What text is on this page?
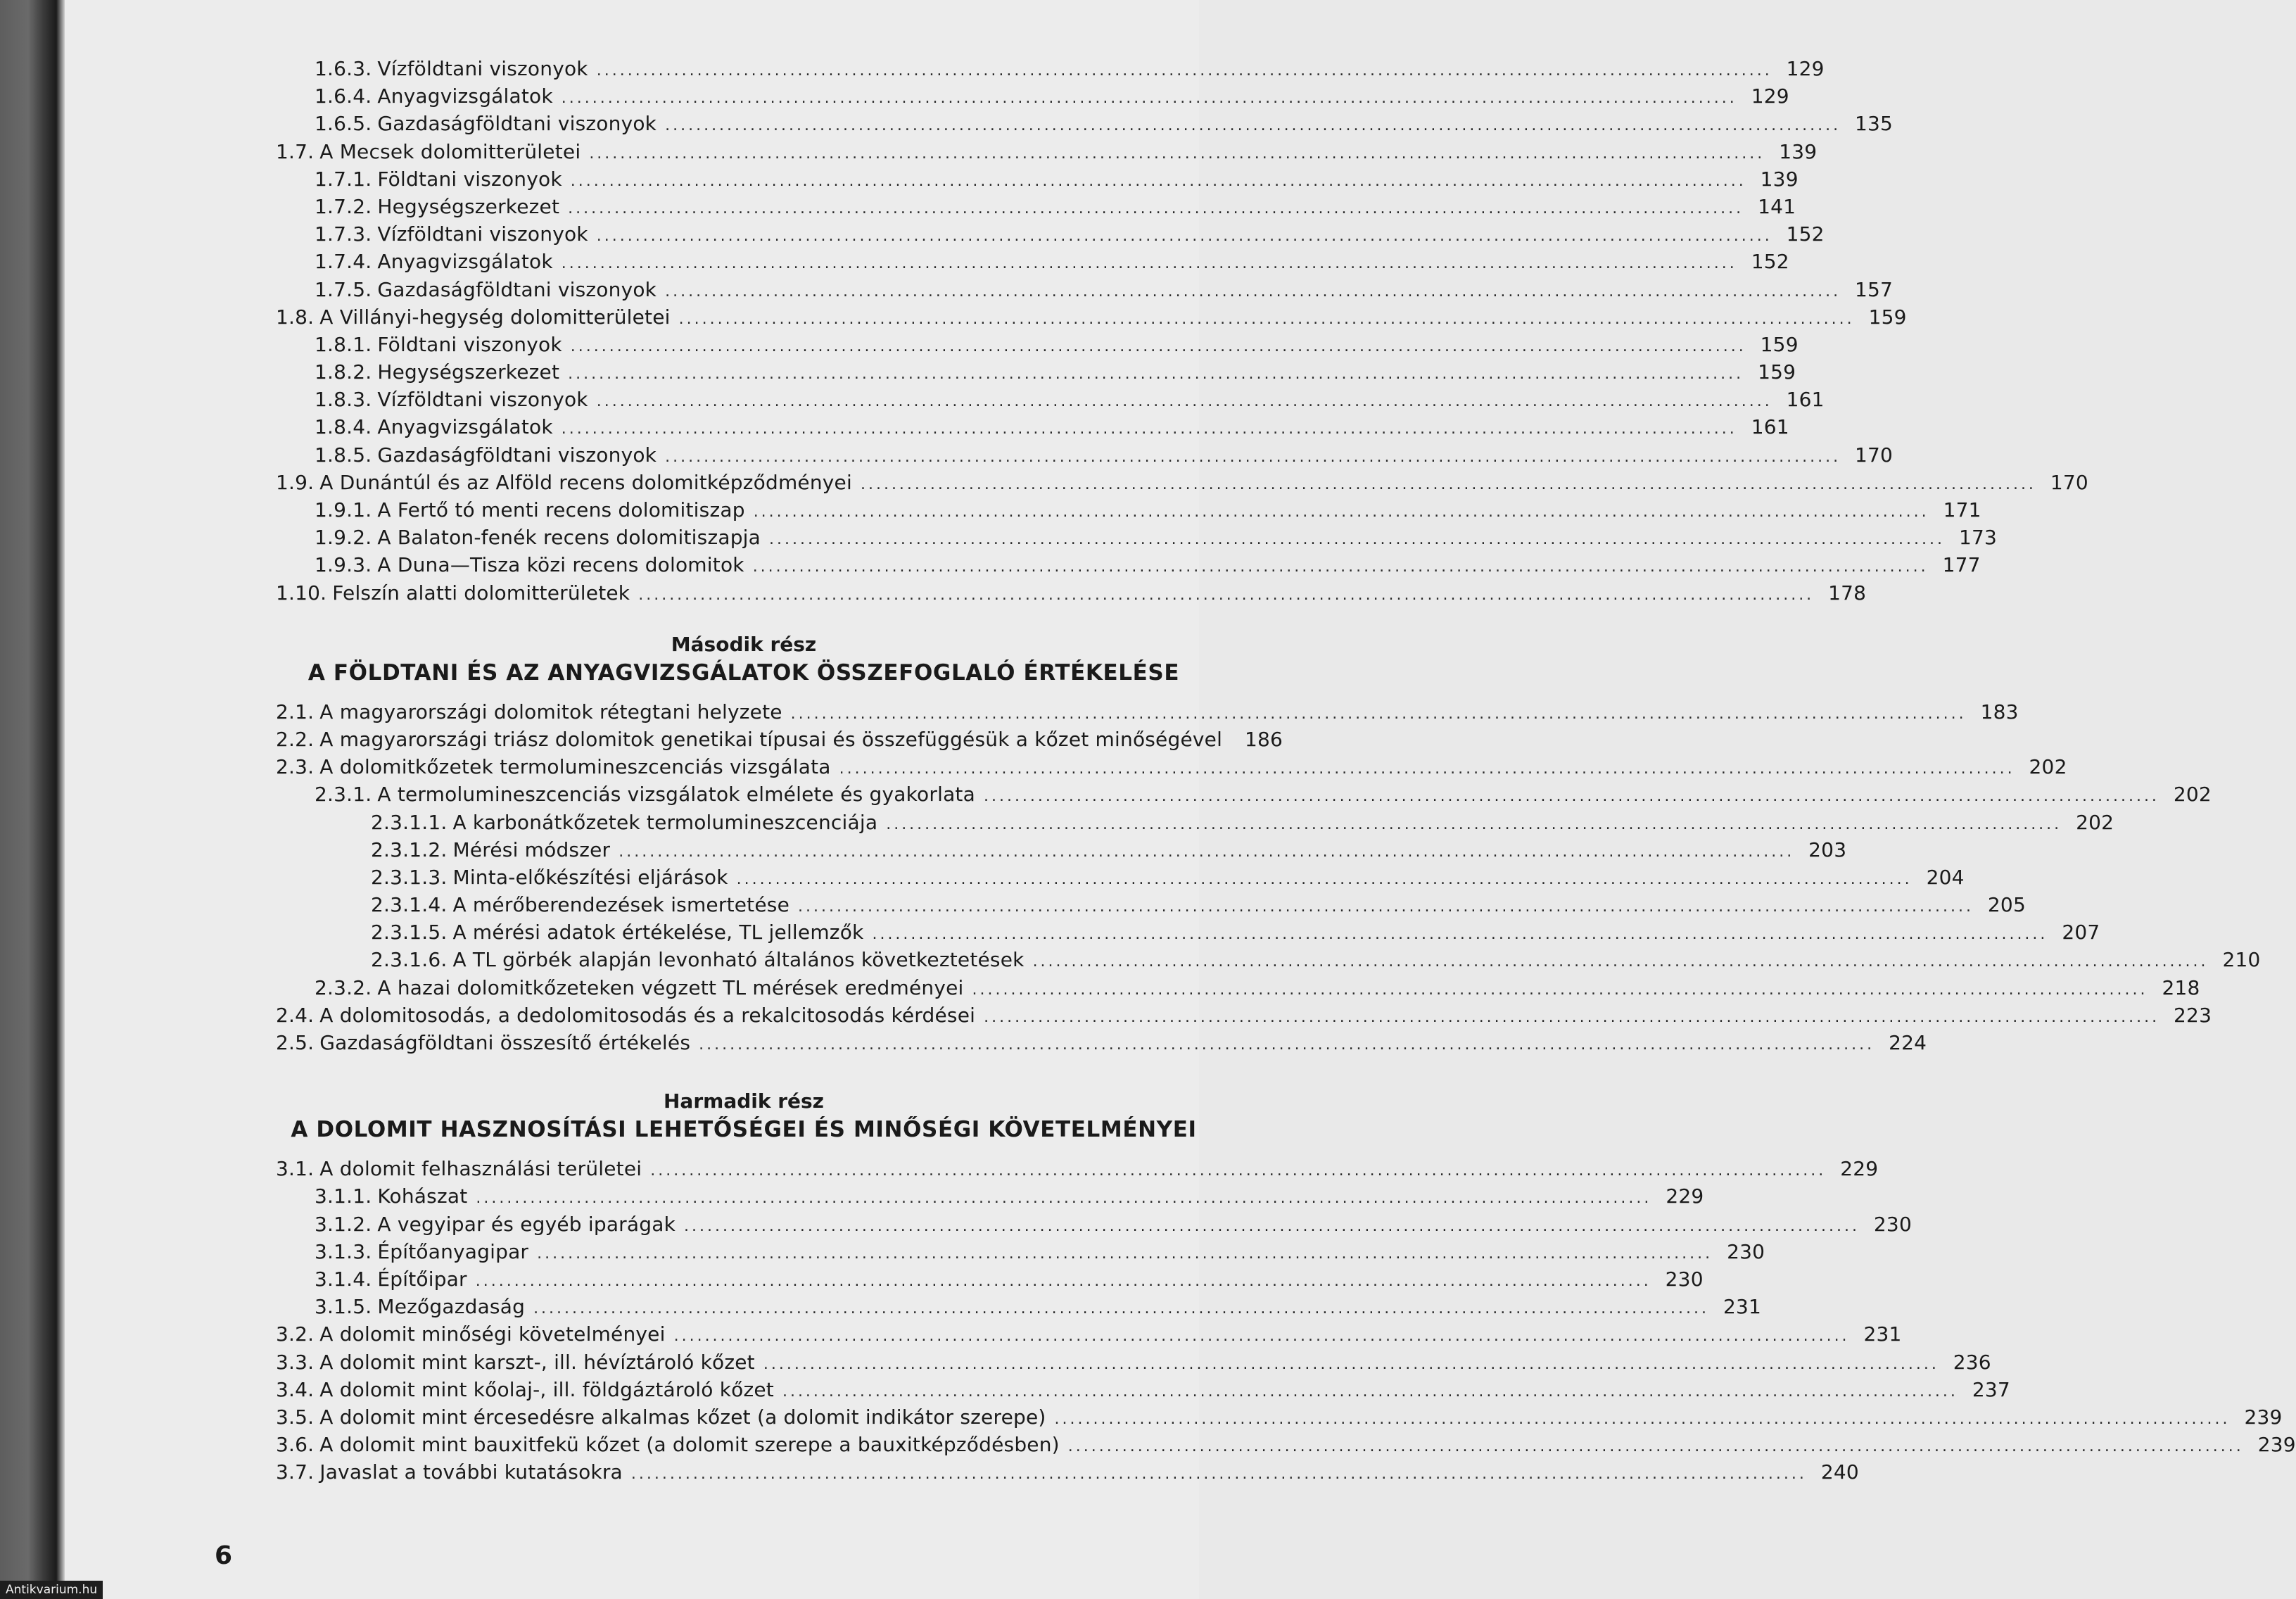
1.6.3. Vízföldtani viszonyok ........................................................................................................................................................ 129
1.6.4. Anyagvizsgálatok ........................................................................................................................................................ 129
1.6.5. Gazdaságföldtani viszonyok ........................................................................................................................................................ 135
1.7. A Mecsek dolomitterületei ........................................................................................................................................................ 139
1.7.1. Földtani viszonyok ........................................................................................................................................................ 139
1.7.2. Hegységszerkezet ........................................................................................................................................................ 141
1.7.3. Vízföldtani viszonyok ........................................................................................................................................................ 152
1.7.4. Anyagvizsgálatok ........................................................................................................................................................ 152
1.7.5. Gazdaságföldtani viszonyok ........................................................................................................................................................ 157
1.8. A Villányi-hegység dolomitterületei ........................................................................................................................................................ 159
1.8.1. Földtani viszonyok ........................................................................................................................................................ 159
1.8.2. Hegységszerkezet ........................................................................................................................................................ 159
1.8.3. Vízföldtani viszonyok ........................................................................................................................................................ 161
1.8.4. Anyagvizsgálatok ........................................................................................................................................................ 161
1.8.5. Gazdaságföldtani viszonyok ........................................................................................................................................................ 170
1.9. A Dunántúl és az Alföld recens dolomitképződményei ........................................................................................................................................................ 170
1.9.1. A Fertő tó menti recens dolomitiszap ........................................................................................................................................................ 171
1.9.2. A Balaton-fenék recens dolomitiszapja ........................................................................................................................................................ 173
1.9.3. A Duna—Tisza közi recens dolomitok ........................................................................................................................................................ 177
1.10. Felszín alatti dolomitterületek ........................................................................................................................................................ 178
Második rész
A FÖLDTANI ÉS AZ ANYAGVIZSGÁLATOK ÖSSZEFOGLALÓ ÉRTÉKELÉSE
2.1. A magyarországi dolomitok rétegtani helyzete ........................................................................................................................................................ 183
2.2. A magyarországi triász dolomitok genetikai típusai és összefüggésük a kőzet minőségével	186
2.3. A dolomitkőzetek termolumineszcenciás vizsgálata ........................................................................................................................................................ 202
2.3.1. A termolumineszcenciás vizsgálatok elmélete és gyakorlata ........................................................................................................................................................ 202
2.3.1.1. A karbonátkőzetek termolumineszcenciája ........................................................................................................................................................ 202
2.3.1.2. Mérési módszer ........................................................................................................................................................ 203
2.3.1.3. Minta-előkészítési eljárások ........................................................................................................................................................ 204
2.3.1.4. A mérőberendezések ismertetése ........................................................................................................................................................ 205
2.3.1.5. A mérési adatok értékelése, TL jellemzők ........................................................................................................................................................ 207
2.3.1.6. A TL görbék alapján levonható általános következtetések ........................................................................................................................................................ 210
2.3.2. A hazai dolomitkőzeteken végzett TL mérések eredményei ........................................................................................................................................................ 218
2.4. A dolomitosodás, a dedolomitosodás és a rekalcitosodás kérdései ........................................................................................................................................................ 223
2.5. Gazdaságföldtani összesítő értékelés ........................................................................................................................................................ 224
Harmadik rész
A DOLOMIT HASZNOSÍTÁSI LEHETŐSÉGEI ÉS MINŐSÉGI KÖVETELMÉNYEI
3.1. A dolomit felhasználási területei ........................................................................................................................................................ 229
3.1.1. Kohászat ........................................................................................................................................................ 229
3.1.2. A vegyipar és egyéb iparágak ........................................................................................................................................................ 230
3.1.3. Építőanyagipar ........................................................................................................................................................ 230
3.1.4. Építőipar ........................................................................................................................................................ 230
3.1.5. Mezőgazdaság ........................................................................................................................................................ 231
3.2. A dolomit minőségi követelményei ........................................................................................................................................................ 231
3.3. A dolomit mint karszt-, ill. hévíztároló kőzet ........................................................................................................................................................ 236
3.4. A dolomit mint kőolaj-, ill. földgáztároló kőzet ........................................................................................................................................................ 237
3.5. A dolomit mint ércesedésre alkalmas kőzet (a dolomit indikátor szerepe) ........................................................................................................................................................ 239
3.6. A dolomit mint bauxitfekü kőzet (a dolomit szerepe a bauxitképződésben) ........................................................................................................................................................ 239
3.7. Javaslat a további kutatásokra ........................................................................................................................................................ 240
6
Antikvarium.hu
